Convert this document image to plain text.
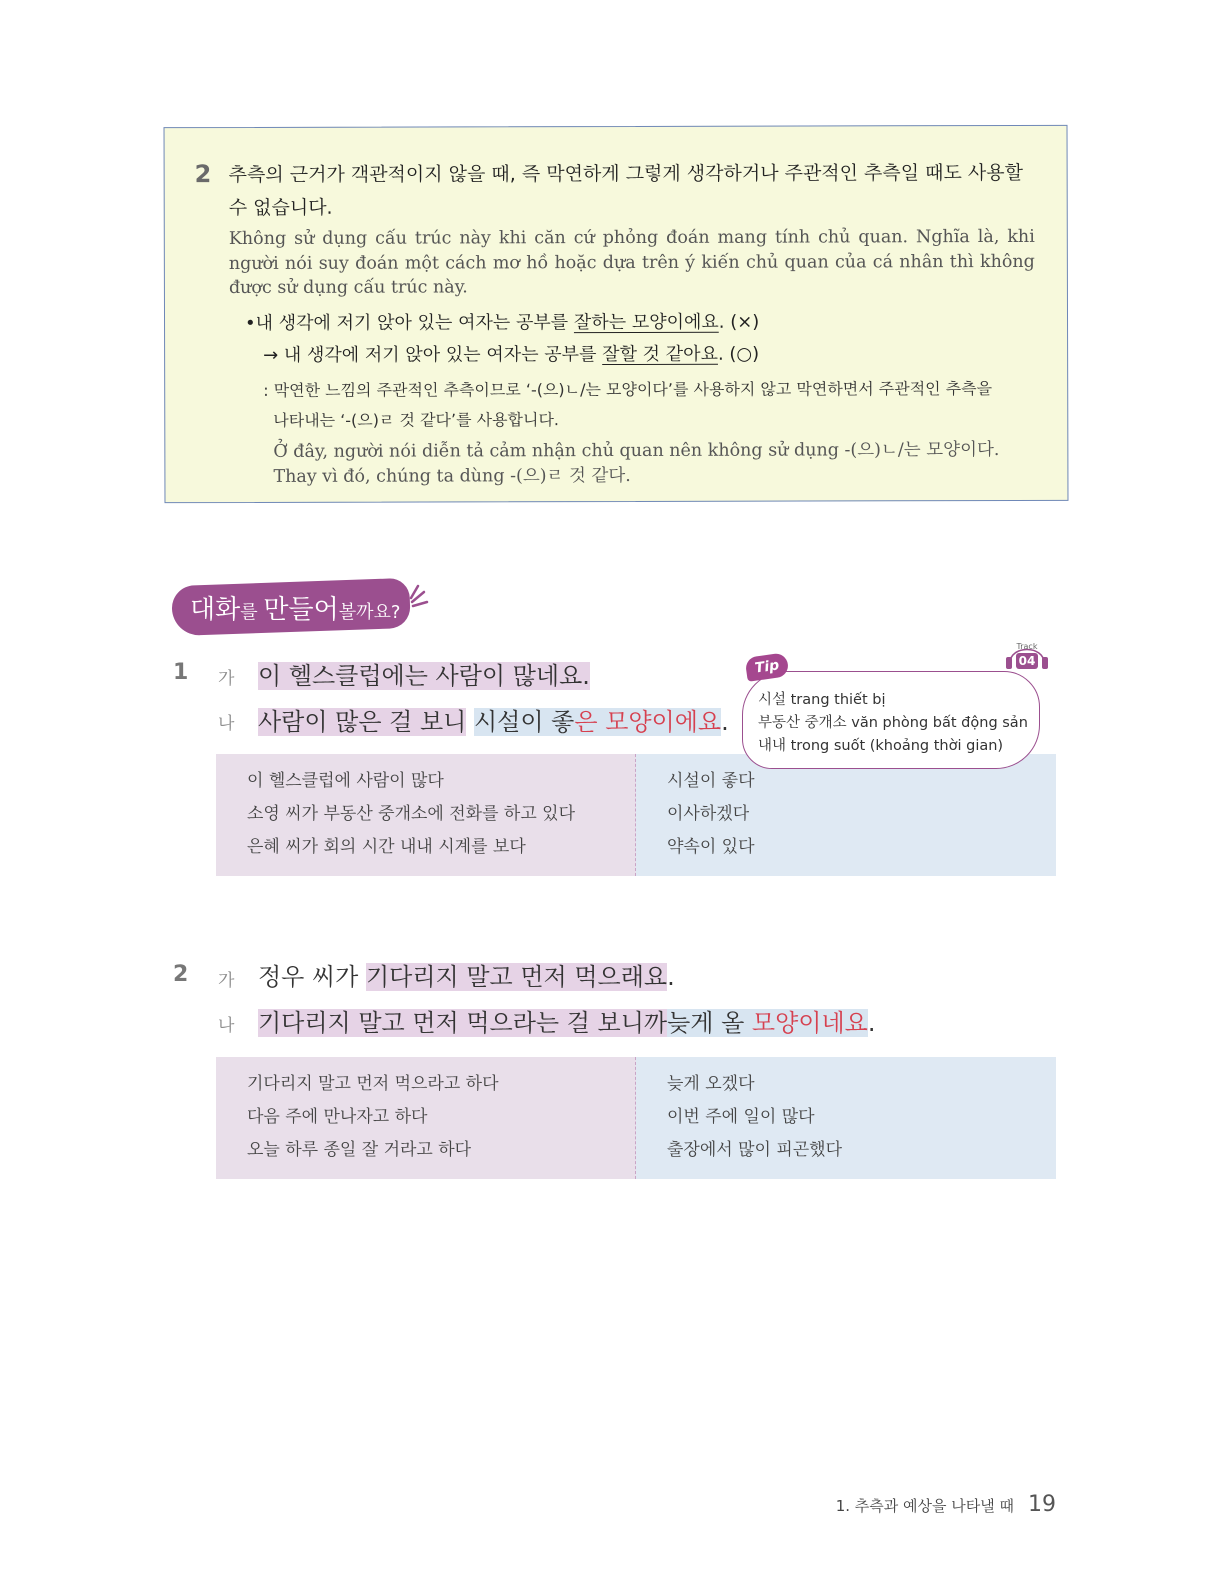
2 추측의 근거가 객관적이지 않을 때, 즉 막연하게 그렇게 생각하거나 주관적인 추측일 때도 사용할 수 없습니다.
Không sử dụng cấu trúc này khi căn cứ phỏng đoán mang tính chủ quan. Nghĩa là, khi người nói suy đoán một cách mơ hồ hoặc dựa trên ý kiến chủ quan của cá nhân thì không được sử dụng cấu trúc này.
•내 생각에 저기 앉아 있는 여자는 공부를 잘하는 모양이에요. (×)
→ 내 생각에 저기 앉아 있는 여자는 공부를 잘할 것 같아요. (○)
: 막연한 느낌의 주관적인 추측이므로 ‘-(으)ㄴ/는 모양이다’를 사용하지 않고 막연하면서 주관적인 추측을
나타내는 ‘-(으)ㄹ 것 같다’를 사용합니다.
Ở đây, người nói diễn tả cảm nhận chủ quan nên không sử dụng -(으)ㄴ/는 모양이다.
Thay vì đó, chúng ta dùng -(으)ㄹ 것 같다.
대화를 만들어볼까요?
1 가 이 헬스클럽에는 사람이 많네요.
나 사람이 많은 걸 보니 시설이 좋은 모양이에요.
이 헬스클럽에 사람이 많다
소영 씨가 부동산 중개소에 전화를 하고 있다
은혜 씨가 회의 시간 내내 시계를 보다
시설이 좋다
이사하겠다
약속이 있다
시설 trang thiết bị
부동산 중개소 văn phòng bất động sản
내내 trong suốt (khoảng thời gian)
Tip
Track
04
2 가 정우 씨가 기다리지 말고 먼저 먹으래요.
나 기다리지 말고 먼저 먹으라는 걸 보니까늦게 올 모양이네요.
기다리지 말고 먼저 먹으라고 하다
다음 주에 만나자고 하다
오늘 하루 종일 잘 거라고 하다
늦게 오겠다
이번 주에 일이 많다
출장에서 많이 피곤했다
1. 추측과 예상을 나타낼 때 19
